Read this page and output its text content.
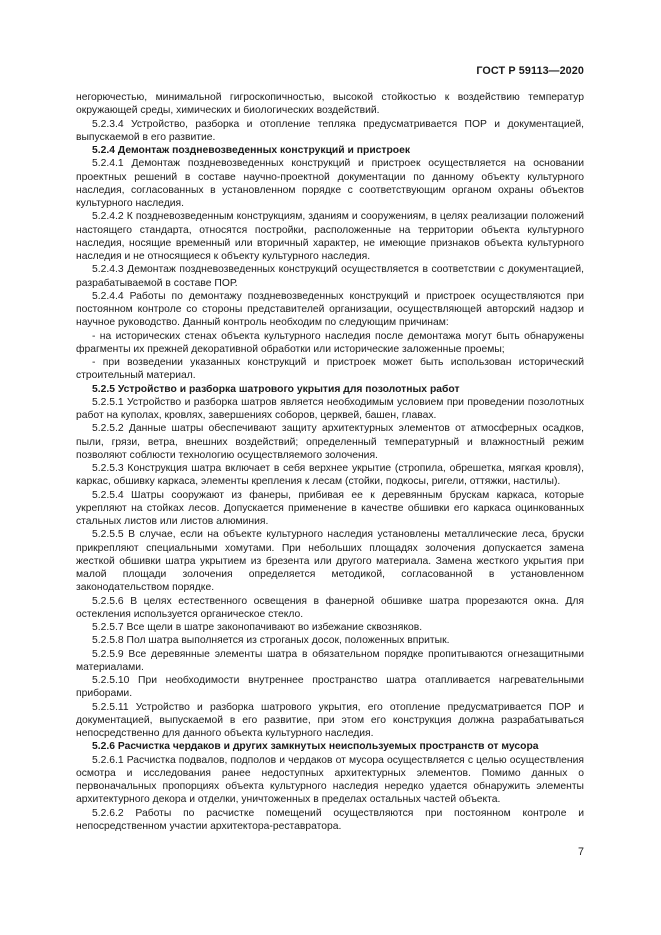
ГОСТ Р 59113—2020

негорючестью, минимальной гигроскопичностью, высокой стойкостью к воздействию температур окружающей среды, химических и биологических воздействий.

5.2.3.4 Устройство, разборка и отопление тепляка предусматривается ПОР и документацией, выпускаемой в его развитие.

5.2.4 Демонтаж поздневозведенных конструкций и пристроек

5.2.4.1 Демонтаж поздневозведенных конструкций и пристроек осуществляется на основании проектных решений в составе научно-проектной документации по данному объекту культурного наследия, согласованных в установленном порядке с соответствующим органом охраны объектов культурного наследия.

5.2.4.2 К поздневозведенным конструкциям, зданиям и сооружениям, в целях реализации положений настоящего стандарта, относятся постройки, расположенные на территории объекта культурного наследия, носящие временный или вторичный характер, не имеющие признаков объекта культурного наследия и не относящиеся к объекту культурного наследия.

5.2.4.3 Демонтаж поздневозведенных конструкций осуществляется в соответствии с документацией, разрабатываемой в составе ПОР.

5.2.4.4 Работы по демонтажу поздневозведенных конструкций и пристроек осуществляются при постоянном контроле со стороны представителей организации, осуществляющей авторский надзор и научное руководство. Данный контроль необходим по следующим причинам:

- на исторических стенах объекта культурного наследия после демонтажа могут быть обнаружены фрагменты их прежней декоративной обработки или исторические заложенные проемы;

- при возведении указанных конструкций и пристроек может быть использован исторический строительный материал.

5.2.5 Устройство и разборка шатрового укрытия для позолотных работ

5.2.5.1 Устройство и разборка шатров является необходимым условием при проведении позолотных работ на куполах, кровлях, завершениях соборов, церквей, башен, главах.

5.2.5.2 Данные шатры обеспечивают защиту архитектурных элементов от атмосферных осадков, пыли, грязи, ветра, внешних воздействий; определенный температурный и влажностный режим позволяют соблюсти технологию осуществляемого золочения.

5.2.5.3 Конструкция шатра включает в себя верхнее укрытие (стропила, обрешетка, мягкая кровля), каркас, обшивку каркаса, элементы крепления к лесам (стойки, подкосы, ригели, оттяжки, настилы).

5.2.5.4 Шатры сооружают из фанеры, прибивая ее к деревянным брускам каркаса, которые укрепляют на стойках лесов. Допускается применение в качестве обшивки его каркаса оцинкованных стальных листов или листов алюминия.

5.2.5.5 В случае, если на объекте культурного наследия установлены металлические леса, бруски прикрепляют специальными хомутами. При небольших площадях золочения допускается замена жесткой обшивки шатра укрытием из брезента или другого материала. Замена жесткого укрытия при малой площади золочения определяется методикой, согласованной в установленном законодательством порядке.

5.2.5.6 В целях естественного освещения в фанерной обшивке шатра прорезаются окна. Для остекления используется органическое стекло.

5.2.5.7 Все щели в шатре законопачивают во избежание сквозняков.

5.2.5.8 Пол шатра выполняется из строганых досок, положенных впритык.

5.2.5.9 Все деревянные элементы шатра в обязательном порядке пропитываются огнезащитными материалами.

5.2.5.10 При необходимости внутреннее пространство шатра отапливается нагревательными приборами.

5.2.5.11 Устройство и разборка шатрового укрытия, его отопление предусматривается ПОР и документацией, выпускаемой в его развитие, при этом его конструкция должна разрабатываться непосредственно для данного объекта культурного наследия.

5.2.6 Расчистка чердаков и других замкнутых неиспользуемых пространств от мусора

5.2.6.1 Расчистка подвалов, подполов и чердаков от мусора осуществляется с целью осуществления осмотра и исследования ранее недоступных архитектурных элементов. Помимо данных о первоначальных пропорциях объекта культурного наследия нередко удается обнаружить элементы архитектурного декора и отделки, уничтоженных в пределах остальных частей объекта.

5.2.6.2 Работы по расчистке помещений осуществляются при постоянном контроле и непосредственном участии архитектора-реставратора.

7
